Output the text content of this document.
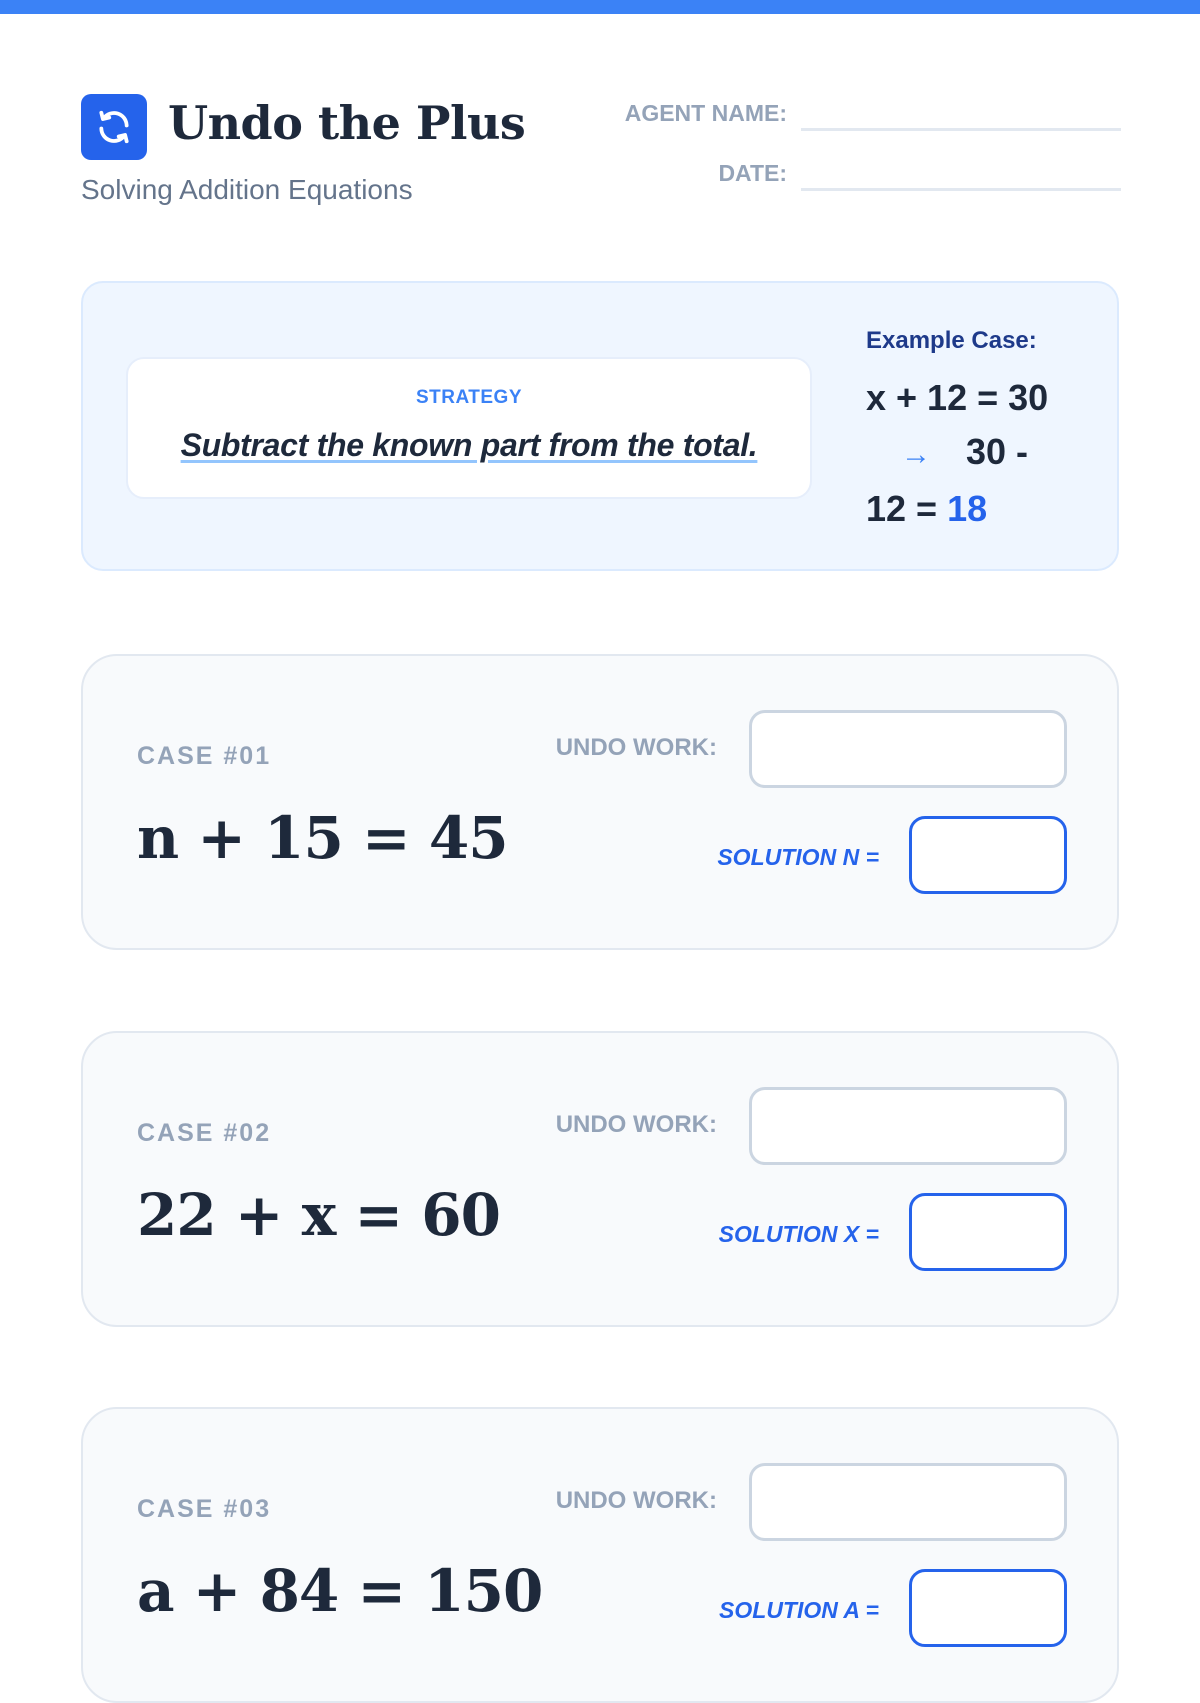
Undo the Plus
Solving Addition Equations
AGENT NAME:
DATE:
STRATEGY
Subtract the known part from the total.
Example Case:
x + 12 = 30 → 30 - 12 = 18
CASE #01
n + 15 = 45
UNDO WORK:
SOLUTION N =
CASE #02
22 + x = 60
UNDO WORK:
SOLUTION X =
CASE #03
a + 84 = 150
UNDO WORK:
SOLUTION A =
